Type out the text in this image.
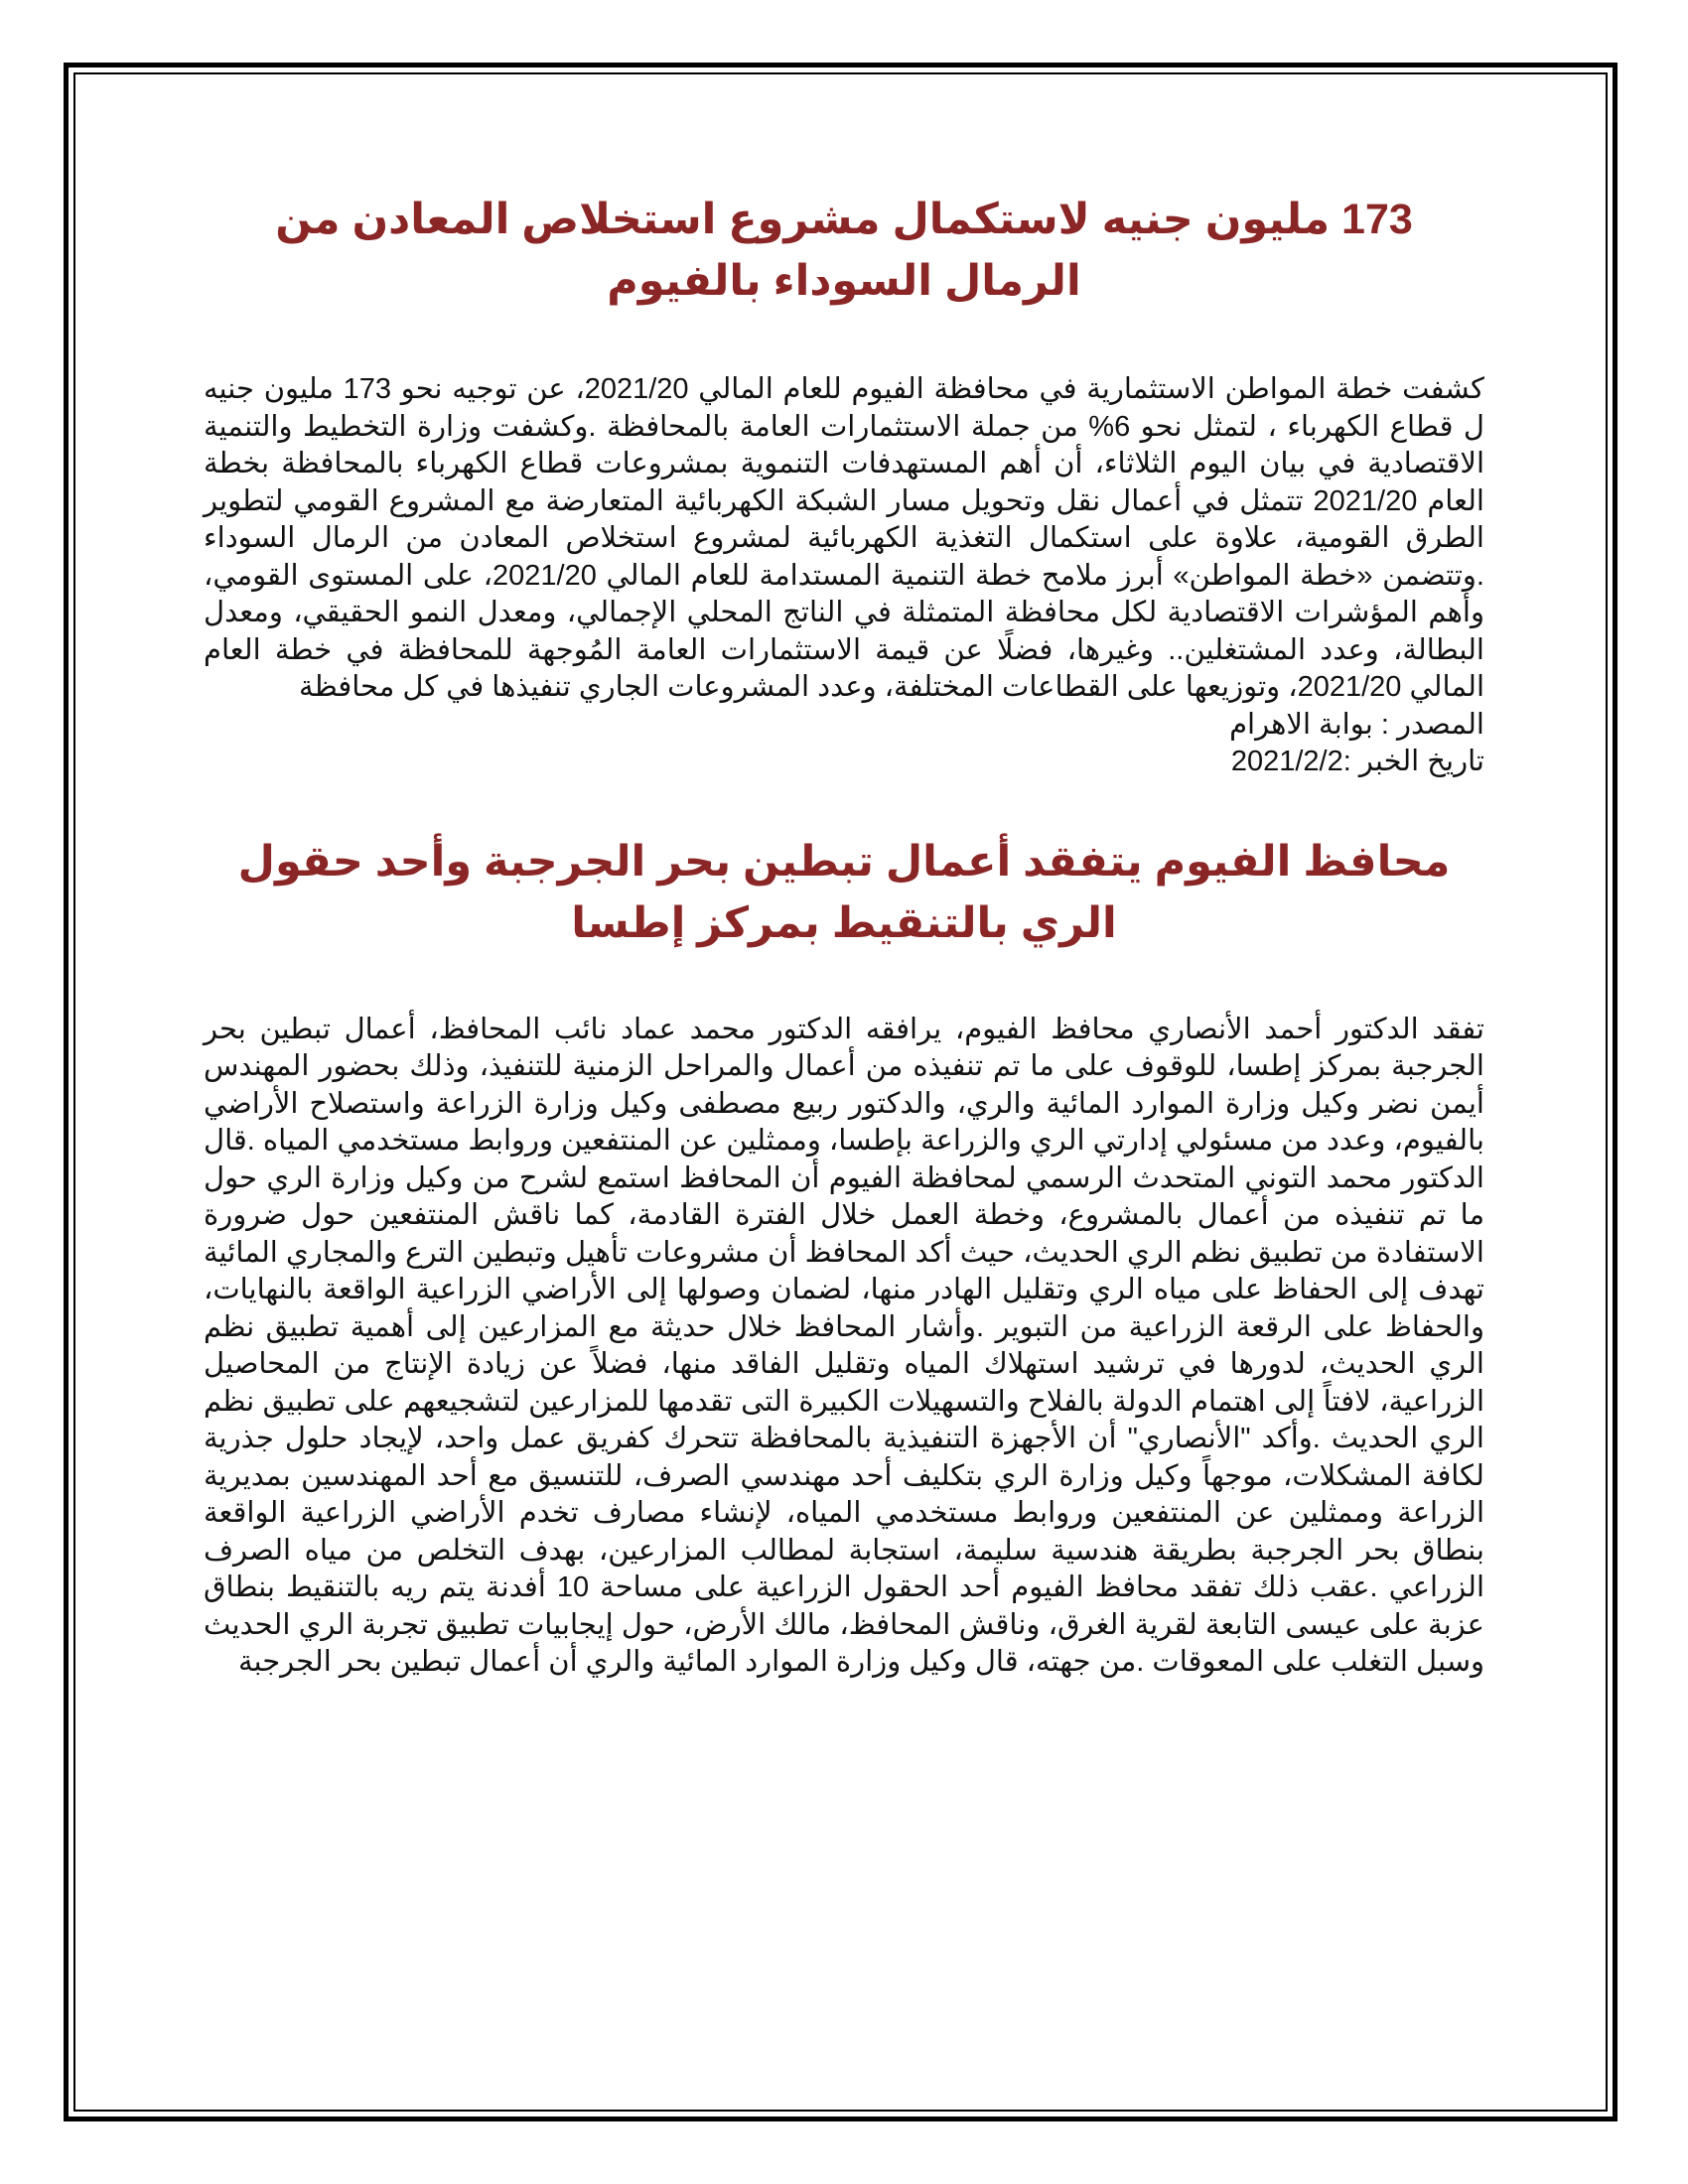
173 مليون جنيه لاستكمال مشروع استخلاص المعادن من الرمال السوداء بالفيوم

كشفت خطة المواطن الاستثمارية في محافظة الفيوم للعام المالي 2021/20، عن توجيه نحو 173 مليون جنيه ل قطاع الكهرباء ، لتمثل نحو 6% من جملة الاستثمارات العامة بالمحافظة .وكشفت وزارة التخطيط والتنمية الاقتصادية في بيان اليوم الثلاثاء، أن أهم المستهدفات التنموية بمشروعات قطاع الكهرباء بالمحافظة بخطة العام 2021/20 تتمثل في أعمال نقل وتحويل مسار الشبكة الكهربائية المتعارضة مع المشروع القومي لتطوير الطرق القومية، علاوة على استكمال التغذية الكهربائية لمشروع استخلاص المعادن من الرمال السوداء .وتتضمن «خطة المواطن» أبرز ملامح خطة التنمية المستدامة للعام المالي 2021/20، على المستوى القومي، وأهم المؤشرات الاقتصادية لكل محافظة المتمثلة في الناتج المحلي الإجمالي، ومعدل النمو الحقيقي، ومعدل البطالة، وعدد المشتغلين.. وغيرها، فضلًا عن قيمة الاستثمارات العامة المُوجهة للمحافظة في خطة العام المالي 2021/20، وتوزيعها على القطاعات المختلفة، وعدد المشروعات الجاري تنفيذها في كل محافظة

المصدر : بوابة الاهرام

تاريخ الخبر :2021/2/2

محافظ الفيوم يتفقد أعمال تبطين بحر الجرجبة وأحد حقول الري بالتنقيط بمركز إطسا

تفقد الدكتور أحمد الأنصاري محافظ الفيوم، يرافقه الدكتور محمد عماد نائب المحافظ، أعمال تبطين بحر الجرجبة بمركز إطسا، للوقوف على ما تم تنفيذه من أعمال والمراحل الزمنية للتنفيذ، وذلك بحضور المهندس أيمن نضر وكيل وزارة الموارد المائية والري، والدكتور ربيع مصطفى وكيل وزارة الزراعة واستصلاح الأراضي بالفيوم، وعدد من مسئولي إدارتي الري والزراعة بإطسا، وممثلين عن المنتفعين وروابط مستخدمي المياه .قال الدكتور محمد التوني المتحدث الرسمي لمحافظة الفيوم أن المحافظ استمع لشرح من وكيل وزارة الري حول ما تم تنفيذه من أعمال بالمشروع، وخطة العمل خلال الفترة القادمة، كما ناقش المنتفعين حول ضرورة الاستفادة من تطبيق نظم الري الحديث، حيث أكد المحافظ أن مشروعات تأهيل وتبطين الترع والمجاري المائية تهدف إلى الحفاظ على مياه الري وتقليل الهادر منها، لضمان وصولها إلى الأراضي الزراعية الواقعة بالنهايات، والحفاظ على الرقعة الزراعية من التبوير .وأشار المحافظ خلال حديثة مع المزارعين إلى أهمية تطبيق نظم الري الحديث، لدورها في ترشيد استهلاك المياه وتقليل الفاقد منها، فضلاً عن زيادة الإنتاج من المحاصيل الزراعية، لافتاً إلى اهتمام الدولة بالفلاح والتسهيلات الكبيرة التى تقدمها للمزارعين لتشجيعهم على تطبيق نظم الري الحديث .وأكد "الأنصاري" أن الأجهزة التنفيذية بالمحافظة تتحرك كفريق عمل واحد، لإيجاد حلول جذرية لكافة المشكلات، موجهاً وكيل وزارة الري بتكليف أحد مهندسي الصرف، للتنسيق مع أحد المهندسين بمديرية الزراعة وممثلين عن المنتفعين وروابط مستخدمي المياه، لإنشاء مصارف تخدم الأراضي الزراعية الواقعة بنطاق بحر الجرجبة بطريقة هندسية سليمة، استجابة لمطالب المزارعين، بهدف التخلص من مياه الصرف الزراعي .عقب ذلك تفقد محافظ الفيوم أحد الحقول الزراعية على مساحة 10 أفدنة يتم ريه بالتنقيط بنطاق عزبة على عيسى التابعة لقرية الغرق، وناقش المحافظ، مالك الأرض، حول إيجابيات تطبيق تجربة الري الحديث وسبل التغلب على المعوقات .من جهته، قال وكيل وزارة الموارد المائية والري أن أعمال تبطين بحر الجرجبة
